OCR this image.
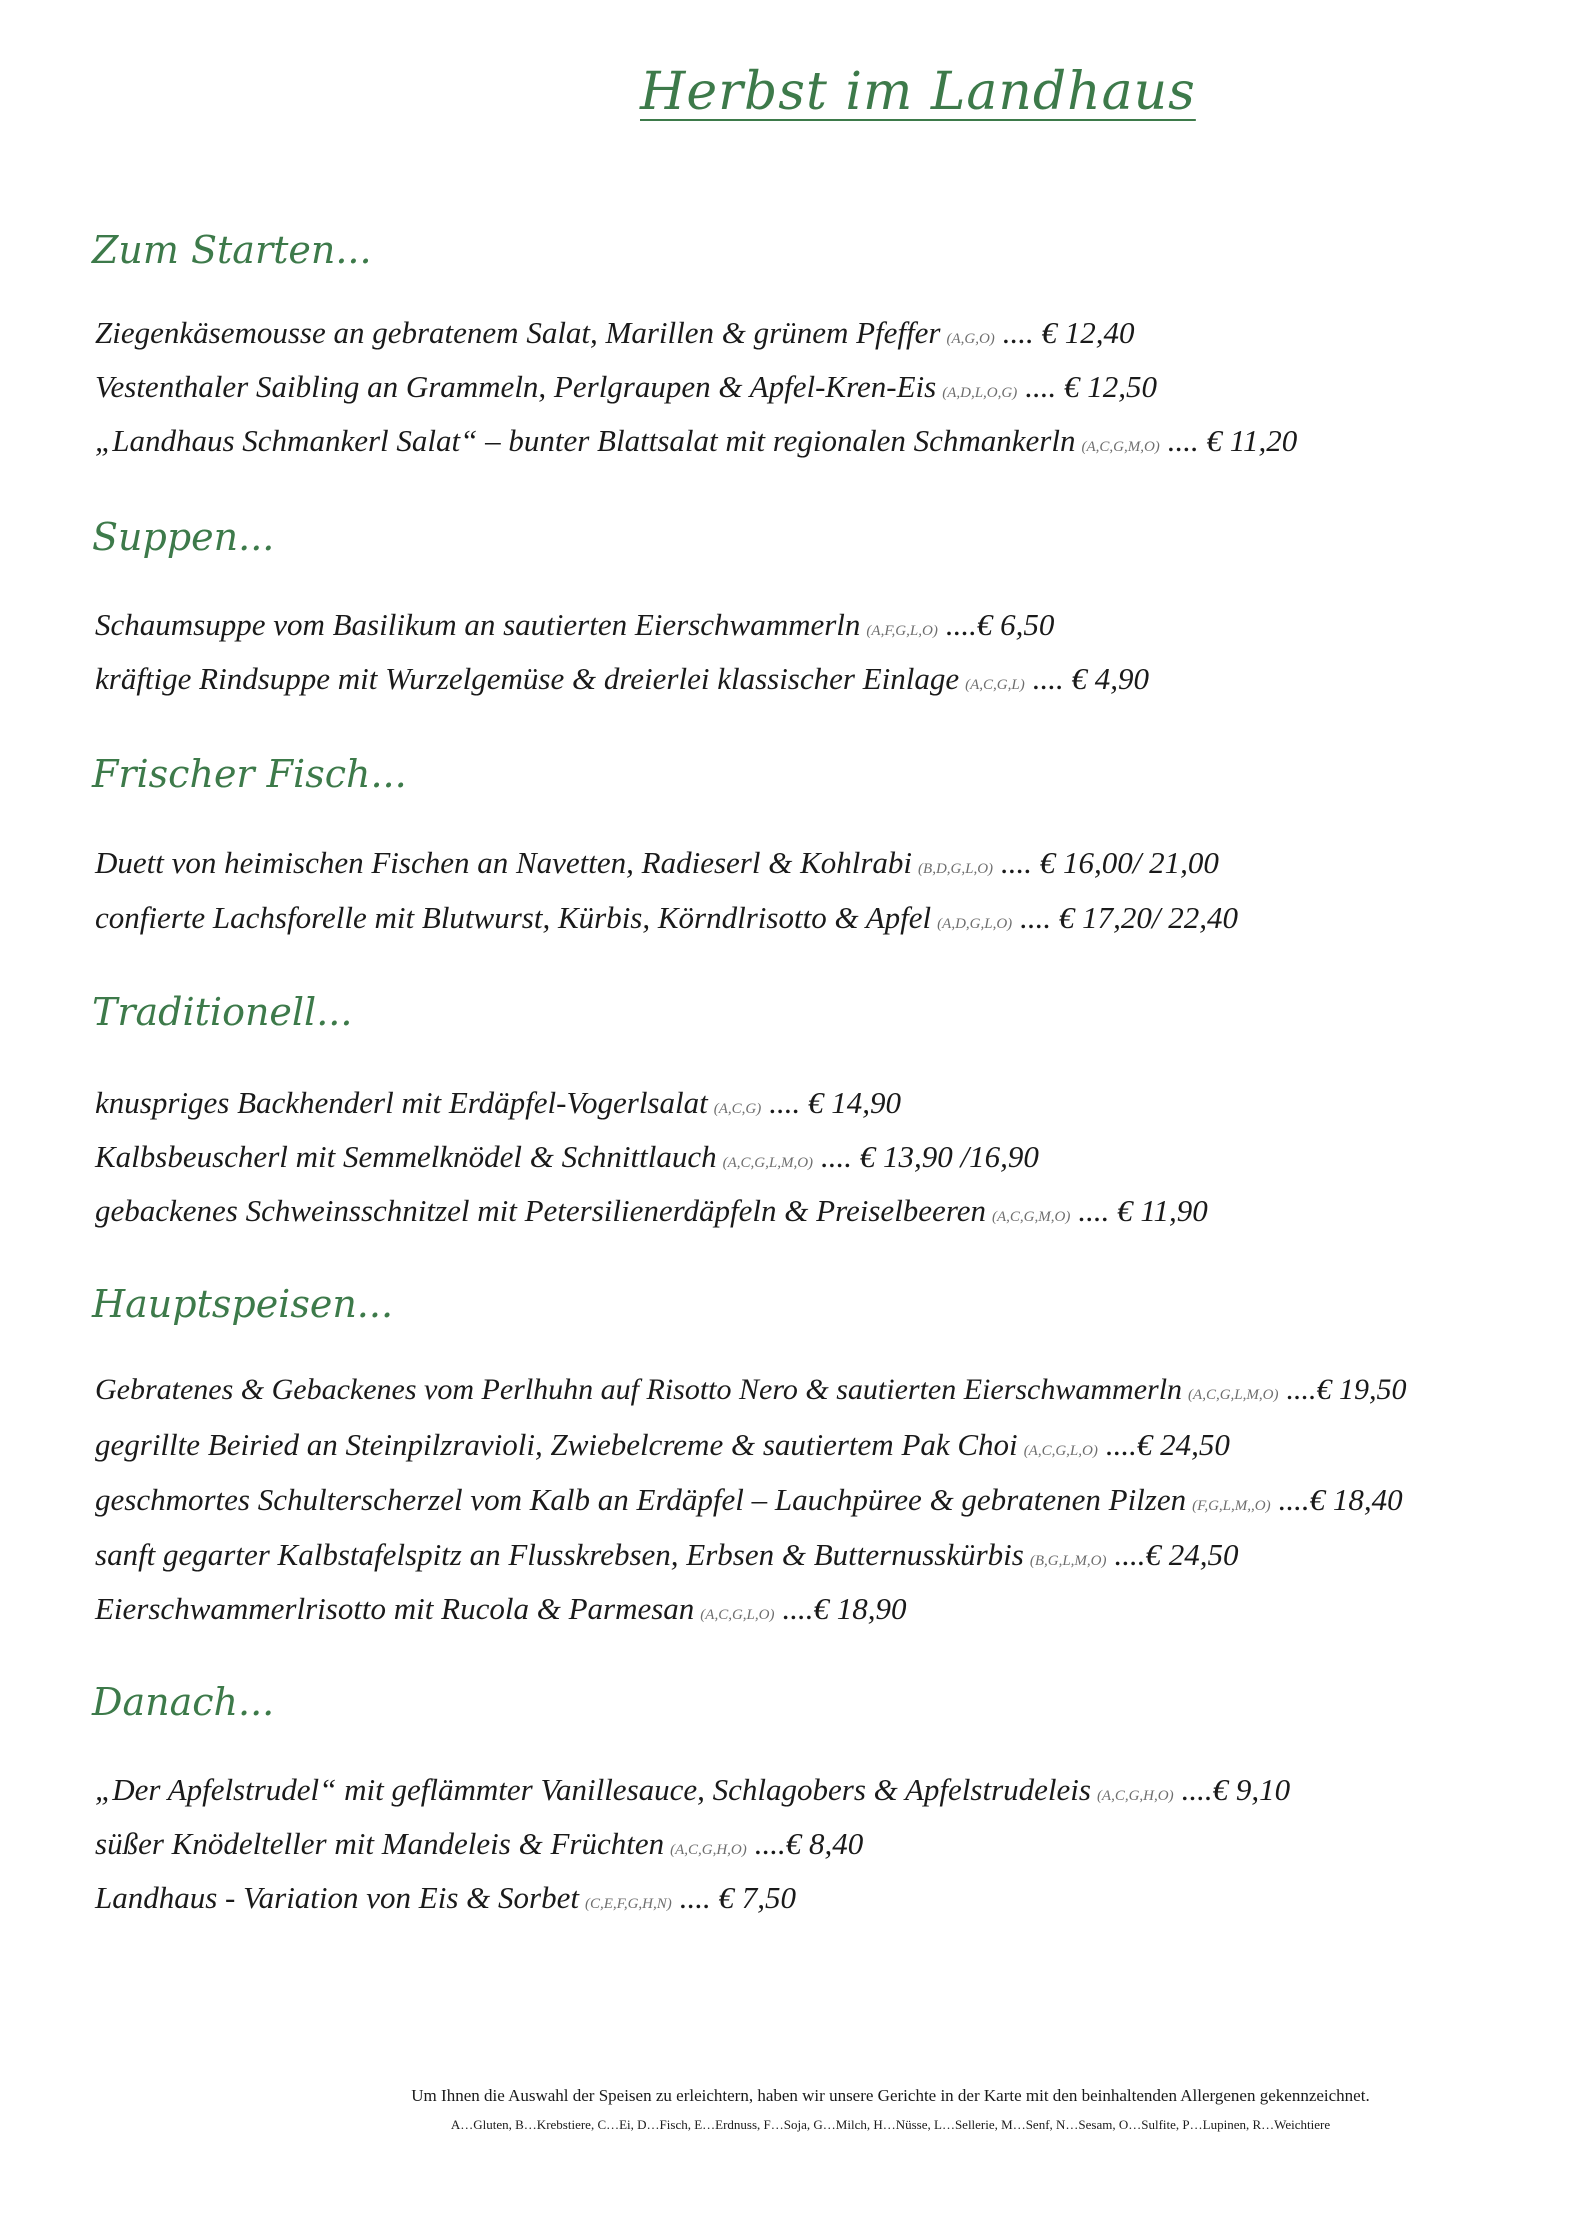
Herbst im Landhaus
Zum Starten...
Ziegenkäsemousse an gebratenem Salat, Marillen & grünem Pfeffer (A,G,O) .... € 12,40
Vestenthaler Saibling an Grammeln, Perlgraupen & Apfel-Kren-Eis (A,D,L,O,G) .... € 12,50
„Landhaus Schmankerl Salat“ – bunter Blattsalat mit regionalen Schmankerln (A,C,G,M,O) .... € 11,20
Suppen...
Schaumsuppe vom Basilikum an sautierten Eierschwammerln (A,F,G,L,O) ....€ 6,50
kräftige Rindsuppe mit Wurzelgemüse & dreierlei klassischer Einlage (A,C,G,L) .... € 4,90
Frischer Fisch...
Duett von heimischen Fischen an Navetten, Radieserl & Kohlrabi (B,D,G,L,O) .... € 16,00/ 21,00
confierte Lachsforelle mit Blutwurst, Kürbis, Körndlrisotto & Apfel (A,D,G,L,O) .... € 17,20/ 22,40
Traditionell...
knuspriges Backhenderl mit Erdäpfel-Vogerlsalat (A,C,G) .... € 14,90
Kalbsbeuscherl mit Semmelknödel & Schnittlauch (A,C,G,L,M,O) .... € 13,90 /16,90
gebackenes Schweinsschnitzel mit Petersilienerdäpfeln & Preiselbeeren (A,C,G,M,O) .... € 11,90
Hauptspeisen...
Gebratenes & Gebackenes vom Perlhuhn auf Risotto Nero & sautierten Eierschwammerln (A,C,G,L,M,O) ....€ 19,50
gegrillte Beiried an Steinpilzravioli, Zwiebelcreme & sautiertem Pak Choi (A,C,G,L,O) ....€ 24,50
geschmortes Schulterscherzel vom Kalb an Erdäpfel – Lauchpüree & gebratenen Pilzen (F,G,L,M,,O) ....€ 18,40
sanft gegarter Kalbstafelspitz an Flusskrebsen, Erbsen & Butternusskürbis (B,G,L,M,O) ....€ 24,50
Eierschwammerlrisotto mit Rucola & Parmesan (A,C,G,L,O) ....€ 18,90
Danach...
„Der Apfelstrudel“ mit geflämmter Vanillesauce, Schlagobers & Apfelstrudeleis (A,C,G,H,O) ....€ 9,10
süßer Knödelteller mit Mandeleis & Früchten (A,C,G,H,O) ....€ 8,40
Landhaus - Variation von Eis & Sorbet (C,E,F,G,H,N) .... € 7,50
Um Ihnen die Auswahl der Speisen zu erleichtern, haben wir unsere Gerichte in der Karte mit den beinhaltenden Allergenen gekennzeichnet.
A…Gluten, B…Krebstiere, C…Ei, D…Fisch, E…Erdnuss, F…Soja, G…Milch, H…Nüsse, L…Sellerie, M…Senf, N…Sesam, O…Sulfite, P…Lupinen, R…Weichtiere
